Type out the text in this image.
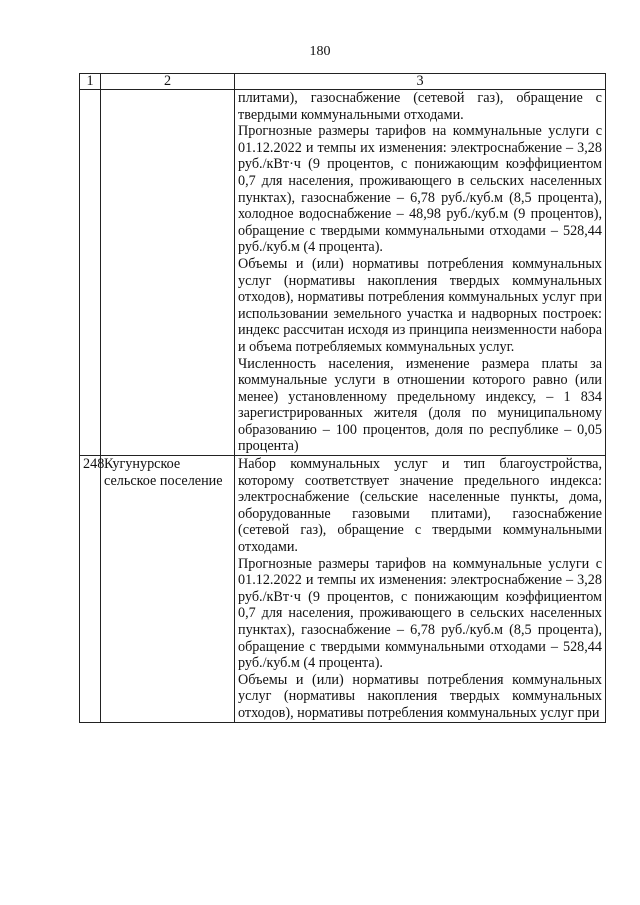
180
1	2	3

		плитами), газоснабжение (сетевой газ), обращение с твердыми коммунальными отходами.
Прогнозные размеры тарифов на коммунальные услуги с 01.12.2022 и темпы их изменения: электроснабжение – 3,28 руб./кВт·ч (9 процентов, с понижающим коэффициентом 0,7 для населения, проживающего в сельских населенных пунктах), газоснабжение – 6,78 руб./куб.м (8,5 процента), холодное водоснабжение – 48,98 руб./куб.м (9 процентов), обращение с твердыми коммунальными отходами – 528,44 руб./куб.м (4 процента).
Объемы и (или) нормативы потребления коммунальных услуг (нормативы накопления твердых коммунальных отходов), нормативы потребления коммунальных услуг при использовании земельного участка и надворных построек: индекс рассчитан исходя из принципа неизменности набора и объема потребляемых коммунальных услуг.
Численность населения, изменение размера платы за коммунальные услуги в отношении которого равно (или менее) установленному предельному индексу, – 1 834 зарегистрированных жителя (доля по муниципальному образованию – 100 процентов, доля по республике – 0,05 процента)

248	Кугунурское сельское поселение	Набор коммунальных услуг и тип благоустройства, которому соответствует значение предельного индекса: электроснабжение (сельские населенные пункты, дома, оборудованные газовыми плитами), газоснабжение (сетевой газ), обращение с твердыми коммунальными отходами.
Прогнозные размеры тарифов на коммунальные услуги с 01.12.2022 и темпы их изменения: электроснабжение – 3,28 руб./кВт·ч (9 процентов, с понижающим коэффициентом 0,7 для населения, проживающего в сельских населенных пунктах), газоснабжение – 6,78 руб./куб.м (8,5 процента), обращение с твердыми коммунальными отходами – 528,44 руб./куб.м (4 процента).
Объемы и (или) нормативы потребления коммунальных услуг (нормативы накопления твердых коммунальных отходов), нормативы потребления коммунальных услуг при
